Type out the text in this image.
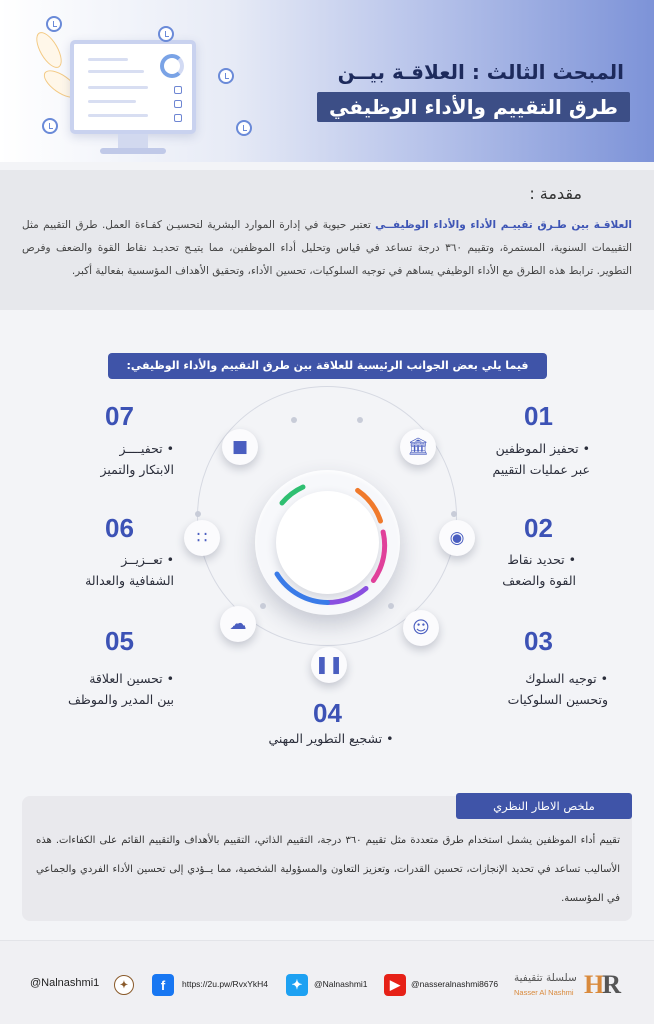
المبحث الثالث : العلاقـة بيــن
طرق التقييم والأداء الوظيفي
مقدمة :
العلاقـة بين طـرق تقييـم الأداء والأداء الوظيفــي تعتبر حيوية في إدارة الموارد البشرية لتحسيـن كفـاءة العمل. طرق التقييم مثل التقييمات السنوية، المستمرة، وتقييم ٣٦٠ درجة تساعد في قياس وتحليل أداء الموظفين، مما يتيـح تحديـد نقاط القوة والضعف وفرص التطوير. ترابط هذه الطرق مع الأداء الوظيفي يساهم في توجيه السلوكيات، تحسين الأداء، وتحقيق الأهداف المؤسسية بفعالية أكبر.
فيما يلي بعض الجوانب الرئيسية للعلاقة بين طرق التقييم والأداء الوظيفي:
🏛
◉
☺
❚❚
☁
∷
■
01
• تحفيز الموظفين
عبر عمليات التقييم
02
• تحديد نقاط
القوة والضعف
03
• توجيه السلوك
وتحسين السلوكيات
04
• تشجيع التطوير المهني
07
• تحفيــــز
الابتكار والتميز
06
• تعــزيــز
الشفافية والعدالة
05
• تحسين العلاقة
بين المدير والموظف
ملخص الاطار النظري
تقييم أداء الموظفين يشمل استخدام طرق متعددة مثل تقييم ٣٦٠ درجة، التقييم الذاتي، التقييم بالأهداف والتقييم القائم على الكفاءات. هذه الأساليب تساعد في تحديد الإنجازات، تحسين القدرات، وتعزيز التعاون والمسؤولية الشخصية، مما يــؤدي إلى تحسين الأداء الفردي والجماعي في المؤسسة.
@Nalnashmi1	✦	f	https://2u.pw/RvxYkH4	✦	@Nalnashmi1	▶	@nasseralnashmi8676 سلسلة تثقيفية
Nasser Al Nashmi HR
